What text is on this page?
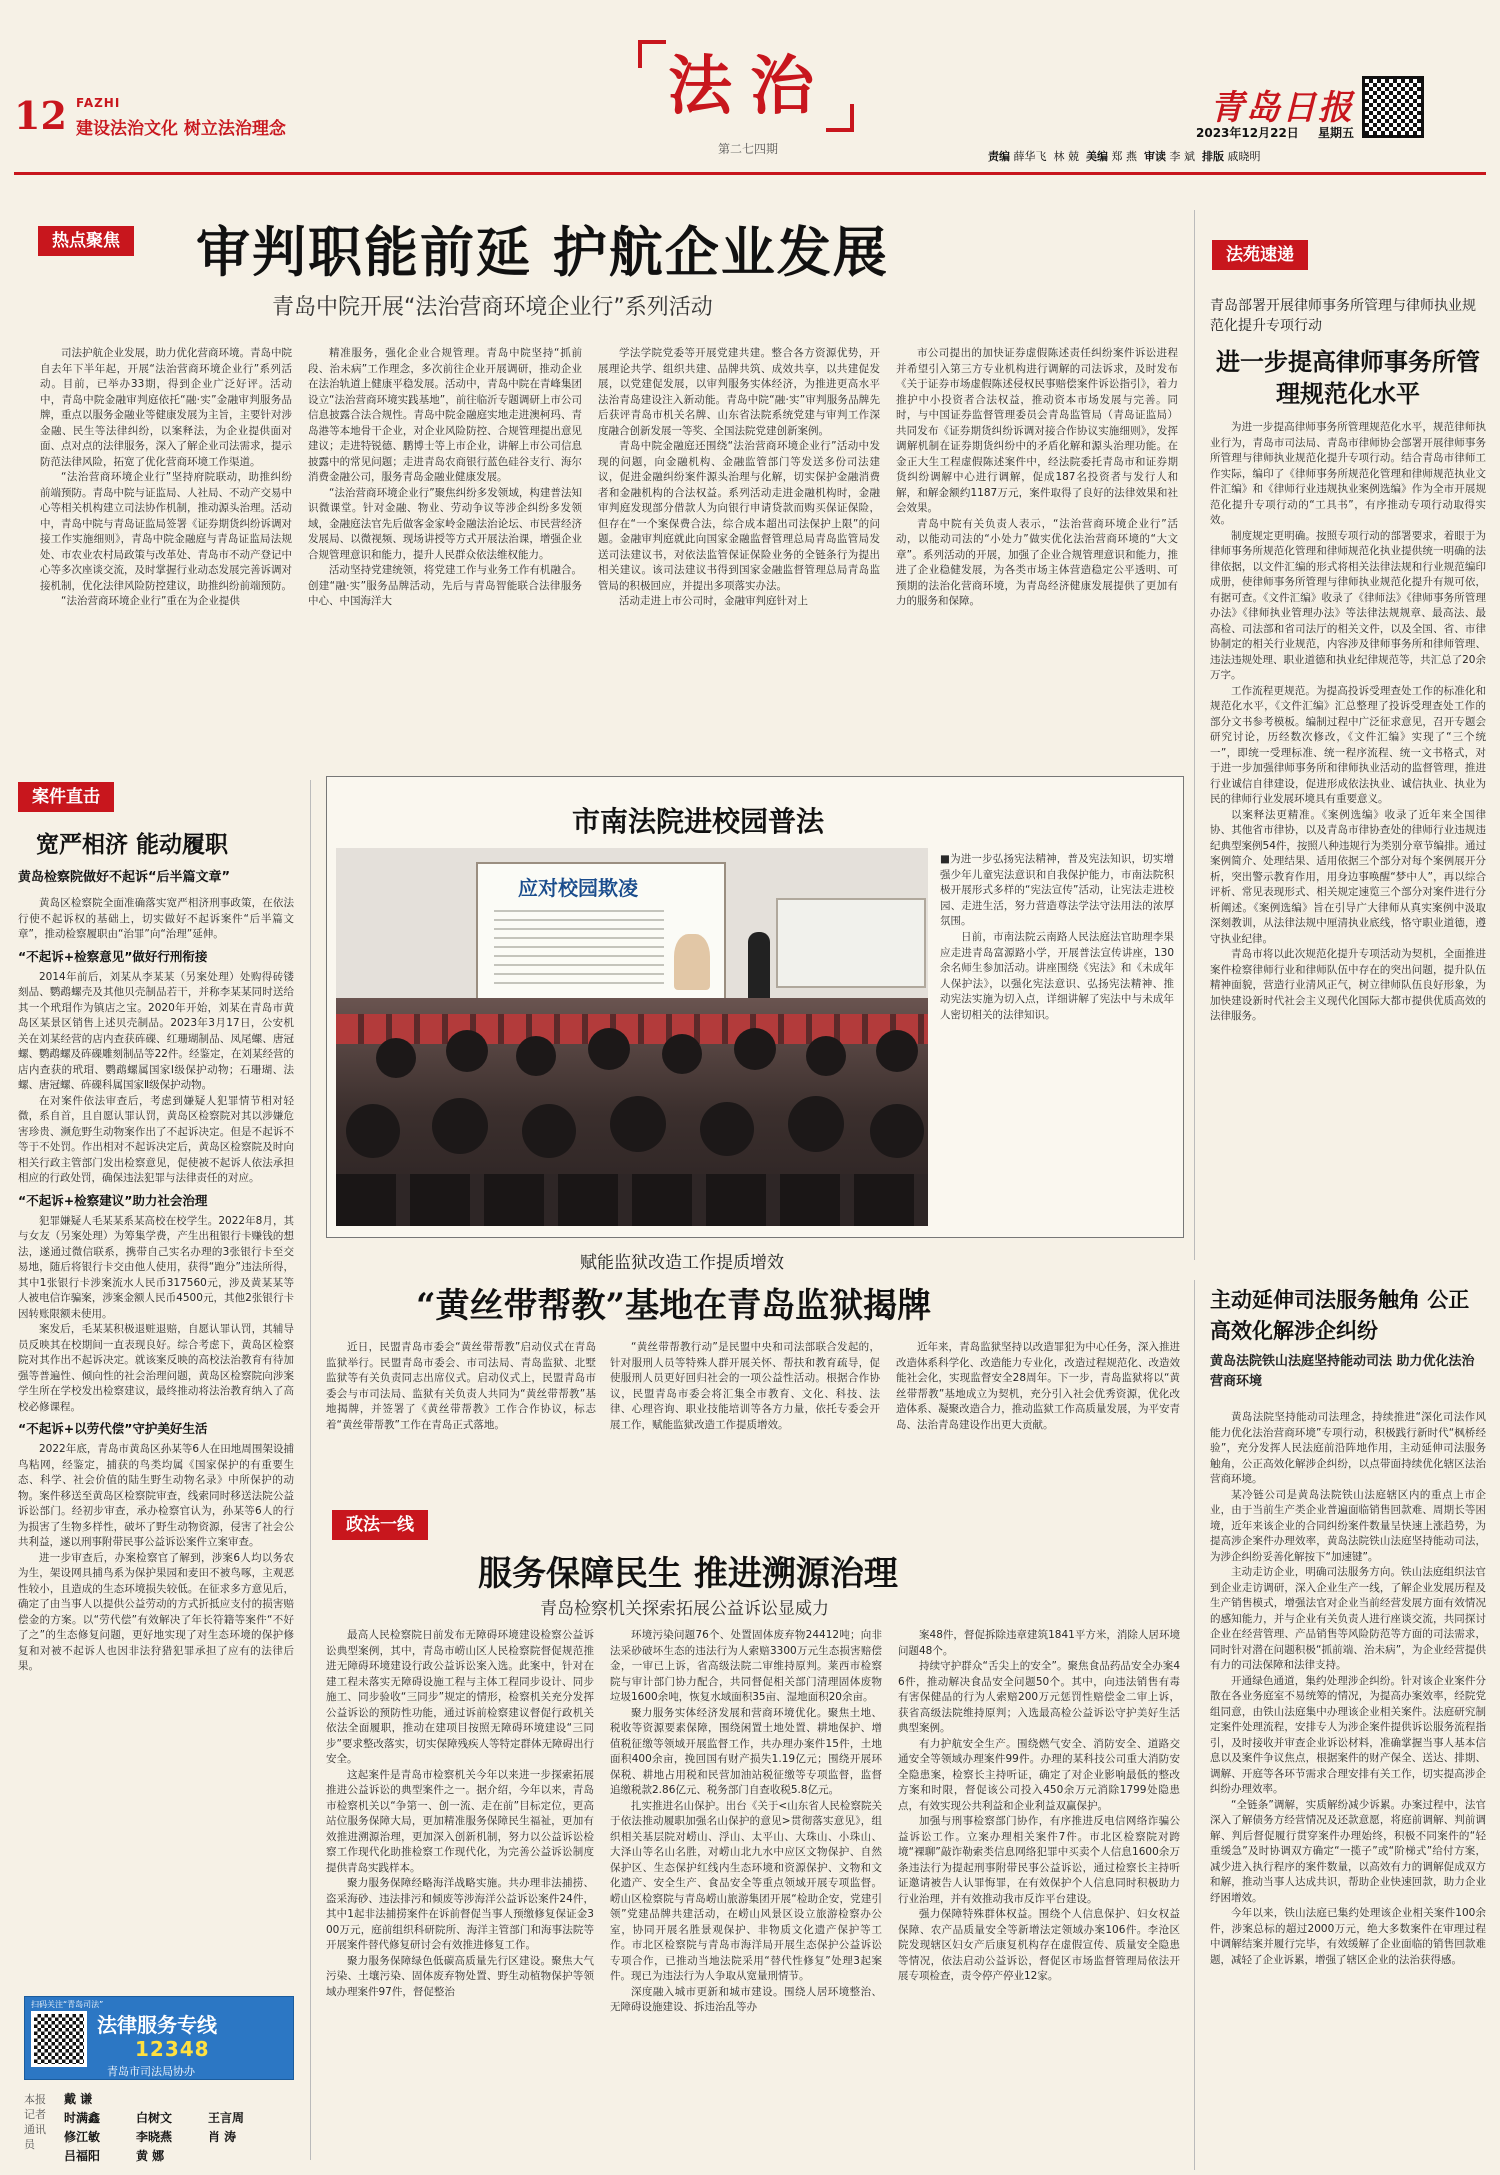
12 FAZHI
建设法治文化 树立法治理念
法治
第二七四期
青岛日报
2023年12月22日 星期五
责编 薛华飞 林 兢 美编 郑 燕 审读 李 斌 排版 戚晓明
热点聚焦 审判职能前延 护航企业发展
青岛中院开展“法治营商环境企业行”系列活动

司法护航企业发展，助力优化营商环境。青岛中院自去年下半年起，开展“法治营商环境企业行”系列活动。目前，已举办33期，得到企业广泛好评。活动中，青岛中院金融审判庭依托“融·实”金融审判服务品牌，重点以服务金融业等健康发展为主旨，主要针对涉金融、民生等法律纠纷，以案释法，为企业提供面对面、点对点的法律服务，深入了解企业司法需求，提示防范法律风险，拓宽了优化营商环境工作渠道。

“法治营商环境企业行”坚持府院联动，助推纠纷前端预防。青岛中院与证监局、人社局、不动产交易中心等相关机构建立司法协作机制，推动源头治理。活动中，青岛中院与青岛证监局签署《证券期货纠纷诉调对接工作实施细则》，青岛中院金融庭与青岛证监局法规处、市农业农村局政策与改革处、青岛市不动产登记中心等多次座谈交流，及时掌握行业动态发展完善诉调对接机制，优化法律风险防控建议，助推纠纷前端预防。

“法治营商环境企业行”重在为企业提供

精准服务，强化企业合规管理。青岛中院坚持“抓前段、治未病”工作理念，多次前往企业开展调研，推动企业在法治轨道上健康平稳发展。活动中，青岛中院在青峰集团设立“法治营商环境实践基地”，前往临沂专题调研上市公司信息披露合法合规性。青岛中院金融庭实地走进澳柯玛、青岛港等本地骨干企业，对企业风险防控、合规管理提出意见建议；走进特锐德、鹏博士等上市企业，讲解上市公司信息披露中的常见问题；走进青岛农商银行蓝色硅谷支行、海尔消费金融公司，服务青岛金融业健康发展。

“法治营商环境企业行”聚焦纠纷多发领域，构建普法知识微课堂。针对金融、物业、劳动争议等涉企纠纷多发领域，金融庭法官先后做客金家岭金融法治论坛、市民营经济发展局、以微视频、现场讲授等方式开展法治课，增强企业合规管理意识和能力，提升人民群众依法维权能力。

活动坚持党建统领，将党建工作与业务工作有机融合。创建“融·实”服务品牌活动，先后与青岛智能联合法律服务中心、中国海洋大

学法学院党委等开展党建共建。整合各方资源优势，开展理论共学、组织共建、品牌共筑、成效共享，以共建促发展，以党建促发展，以审判服务实体经济，为推进更高水平法治青岛建设注入新动能。青岛中院“融·实”审判服务品牌先后获评青岛市机关名牌、山东省法院系统党建与审判工作深度融合创新发展一等奖、全国法院党建创新案例。

青岛中院金融庭还围绕“法治营商环境企业行”活动中发现的问题，向金融机构、金融监管部门等发送多份司法建议，促进金融纠纷案件源头治理与化解，切实保护金融消费者和金融机构的合法权益。系列活动走进金融机构时，金融审判庭发现部分借款人为向银行申请贷款而购买保证保险，但存在“一个案保费合法，综合成本超出司法保护上限”的问题。金融审判庭就此向国家金融监督管理总局青岛监管局发送司法建议书，对依法监管保证保险业务的全链条行为提出相关建议。该司法建议书得到国家金融监督管理总局青岛监管局的积极回应，并提出多项落实办法。

活动走进上市公司时，金融审判庭针对上

市公司提出的加快证券虚假陈述责任纠纷案件诉讼进程并希望引入第三方专业机构进行调解的司法诉求，及时发布《关于证券市场虚假陈述侵权民事赔偿案件诉讼指引》，着力推护中小投资者合法权益，推动资本市场发展与完善。同时，与中国证券监督管理委员会青岛监管局（青岛证监局）共同发布《证券期货纠纷诉调对接合作协议实施细则》，发挥调解机制在证券期货纠纷中的矛盾化解和源头治理功能。在金正大生工程虚假陈述案件中，经法院委托青岛市和证券期货纠纷调解中心进行调解，促成187名投资者与发行人和解，和解金额约1187万元，案件取得了良好的法律效果和社会效果。

青岛中院有关负责人表示，“法治营商环境企业行”活动，以能动司法的“小处力”做实优化法治营商环境的“大文章”。系列活动的开展，加强了企业合规管理意识和能力，推进了企业稳健发展，为各类市场主体营造稳定公平透明、可预期的法治化营商环境，为青岛经济健康发展提供了更加有力的服务和保障。

法苑速递
青岛部署开展律师事务所管理与律师执业规范化提升专项行动
进一步提高律师事务所管理规范化水平

为进一步提高律师事务所管理规范化水平，规范律师执业行为，青岛市司法局、青岛市律师协会部署开展律师事务所管理与律师执业规范化提升专项行动。结合青岛市律师工作实际，编印了《律师事务所规范化管理和律师规范执业文件汇编》和《律师行业违规执业案例选编》作为全市开展规范化提升专项行动的“工具书”，有序推动专项行动取得实效。

制度规定更明确。按照专项行动的部署要求，着眼于为律师事务所规范化管理和律师规范化执业提供统一明确的法律依据，以文件汇编的形式将相关法律法规和行业规范编印成册，使律师事务所管理与律师执业规范化提升有规可依，有据可查。《文件汇编》收录了《律师法》《律师事务所管理办法》《律师执业管理办法》等法律法规规章、最高法、最高检、司法部和省司法厅的相关文件，以及全国、省、市律协制定的相关行业规范，内容涉及律师事务所和律师管理、违法违规处理、职业道德和执业纪律规范等，共汇总了20余万字。

工作流程更规范。为提高投诉受理查处工作的标准化和规范化水平，《文件汇编》汇总整理了投诉受理查处工作的部分文书参考模板。编制过程中广泛征求意见，召开专题会研究讨论，历经数次修改，《文件汇编》实现了“三个统一”，即统一受理标准、统一程序流程、统一文书格式，对于进一步加强律师事务所和律师执业活动的监督管理，推进行业诚信自律建设，促进形成依法执业、诚信执业、执业为民的律师行业发展环境具有重要意义。

以案释法更精准。《案例选编》收录了近年来全国律协、其他省市律协，以及青岛市律协查处的律师行业违规违纪典型案例54件，按照八种违规行为类别分章节编排。通过案例简介、处理结果、适用依据三个部分对每个案例展开分析，突出警示教育作用，用身边事唤醒“梦中人”，再以综合评析、常见表现形式、相关规定速览三个部分对案件进行分析阐述。《案例选编》旨在引导广大律师从真实案例中汲取深刻教训，从法律法规中厘清执业底线，恪守职业道德，遵守执业纪律。

青岛市将以此次规范化提升专项活动为契机，全面推进案件检察律师行业和律师队伍中存在的突出问题，提升队伍精神面貌，营造行业清风正气，树立律师队伍良好形象，为加快建设新时代社会主义现代化国际大都市提供优质高效的法律服务。

案件直击
宽严相济 能动履职
黄岛检察院做好不起诉“后半篇文章”

黄岛区检察院全面准确落实宽严相济刑事政策，在依法行使不起诉权的基础上，切实做好不起诉案件“后半篇文章”，推动检察履职由“治罪”向“治理”延伸。

“不起诉+检察意见”做好行刑衔接

2014年前后，刘某从李某某（另案处理）处购得砖镂刻品、鹦鹉螺壳及其他贝壳制品若干，并称李某某同时送给其一个玳瑁作为镇店之宝。2020年开始，刘某在青岛市黄岛区某景区销售上述贝壳制品。2023年3月17日，公安机关在刘某经营的店内查获砗磲、红珊瑚制品、凤尾螺、唐冠螺、鹦鹉螺及砗磲雕刻制品等22件。经鉴定，在刘某经营的店内查获的玳瑁、鹦鹉螺属国家Ⅰ级保护动物；石珊瑚、法螺、唐冠螺、砗磲科属国家Ⅱ级保护动物。

在对案件依法审查后，考虑到嫌疑人犯罪情节相对轻微，系自首，且自愿认罪认罚，黄岛区检察院对其以涉嫌危害珍贵、濒危野生动物案作出了不起诉决定。但是不起诉不等于不处罚。作出相对不起诉决定后，黄岛区检察院及时向相关行政主管部门发出检察意见，促使被不起诉人依法承担相应的行政处罚，确保违法犯罪与法律责任的对应。

“不起诉+检察建议”助力社会治理

犯罪嫌疑人毛某某系某高校在校学生。2022年8月，其与女友（另案处理）为筹集学费，产生出租银行卡赚钱的想法，遂通过微信联系，携带自己实名办理的3张银行卡至交易地，随后将银行卡交由他人使用，获得“跑分”违法所得，其中1张银行卡涉案流水人民币317560元，涉及黄某某等人被电信诈骗案，涉案金额人民币4500元，其他2张银行卡因转账限额未使用。

案发后，毛某某积极退赃退赔，自愿认罪认罚，其辅导员反映其在校期间一直表现良好。综合考虑下，黄岛区检察院对其作出不起诉决定。就该案反映的高校法治教育有待加强等普遍性、倾向性的社会治理问题，黄岛区检察院向涉案学生所在学校发出检察建议，最终推动将法治教育纳入了高校必修课程。

“不起诉+以劳代偿”守护美好生活

2022年底，青岛市黄岛区孙某等6人在田地周围架设捕鸟粘网，经鉴定，捕获的鸟类均属《国家保护的有重要生态、科学、社会价值的陆生野生动物名录》中所保护的动物。案件移送至黄岛区检察院审查，线索同时移送法院公益诉讼部门。经初步审查，承办检察官认为，孙某等6人的行为损害了生物多样性，破坏了野生动物资源，侵害了社会公共利益，遂以刑事附带民事公益诉讼案件立案审查。

进一步审查后，办案检察官了解到，涉案6人均以务农为生，架设网具捕鸟系为保护果园和麦田不被鸟啄，主观恶性较小，且造成的生态环境损失较低。在征求多方意见后，确定了由当事人以提供公益劳动的方式折抵应支付的损害赔偿金的方案。以“劳代偿”有效解决了年长符籍等案件“不好了之”的生态修复问题，更好地实现了对生态环境的保护修复和对被不起诉人也因非法狩猎犯罪承担了应有的法律后果。

扫码关注“青岛司法”
法律服务专线
12348
青岛市司法局协办
本报记者 通讯员
戴 谦
时满鑫	白树文	王言周
修江敏	李晓燕	肖 涛
吕福阳	黄 娜
市南法院进校园普法
应对校园欺凌

■为进一步弘扬宪法精神，普及宪法知识，切实增强少年儿童宪法意识和自我保护能力，市南法院积极开展形式多样的“宪法宣传”活动，让宪法走进校园、走进生活，努力营造尊法学法守法用法的浓厚氛围。

日前，市南法院云南路人民法庭法官助理李果应走进青岛富源路小学，开展普法宣传讲座，130余名师生参加活动。讲座围绕《宪法》和《未成年人保护法》，以强化宪法意识、弘扬宪法精神、推动宪法实施为切入点，详细讲解了宪法中与未成年人密切相关的法律知识。

赋能监狱改造工作提质增效
“黄丝带帮教”基地在青岛监狱揭牌

近日，民盟青岛市委会“黄丝带帮教”启动仪式在青岛监狱举行。民盟青岛市委会、市司法局、青岛监狱、北墅监狱等有关负责同志出席仪式。启动仪式上，民盟青岛市委会与市司法局、监狱有关负责人共同为“黄丝带帮教”基地揭牌，并签署了《黄丝带帮教》工作合作协议，标志着“黄丝带帮教”工作在青岛正式落地。

“黄丝带帮教行动”是民盟中央和司法部联合发起的，针对服刑人员等特殊人群开展关怀、帮扶和教育疏导，促使服刑人员更好回归社会的一项公益性活动。根据合作协议，民盟青岛市委会将汇集全市教育、文化、科技、法律、心理咨询、职业技能培训等各方力量，依托专委会开展工作，赋能监狱改造工作提质增效。

近年来，青岛监狱坚持以改造罪犯为中心任务，深入推进改造体系科学化、改造能力专业化，改造过程规范化、改造效能社会化，实现监督安全28周年。下一步，青岛监狱将以“黄丝带帮教”基地成立为契机，充分引入社会优秀资源，优化改造体系、凝聚改造合力，推动监狱工作高质量发展，为平安青岛、法治青岛建设作出更大贡献。

政法一线
服务保障民生 推进溯源治理
青岛检察机关探索拓展公益诉讼显威力

最高人民检察院日前发布无障碍环境建设检察公益诉讼典型案例，其中，青岛市崂山区人民检察院督促规范推进无障碍环境建设行政公益诉讼案入选。此案中，针对在建工程未落实无障碍设施工程与主体工程同步设计、同步施工、同步验收“三同步”规定的情形，检察机关充分发挥公益诉讼的预防性功能，通过诉前检察建议督促行政机关依法全面履职，推动在建项目按照无障碍环境建设“三同步”要求整改落实，切实保障残疾人等特定群体无障碍出行安全。

这起案件是青岛市检察机关今年以来进一步探索拓展推进公益诉讼的典型案件之一。据介绍，今年以来，青岛市检察机关以“争第一、创一流、走在前”目标定位，更高站位服务保障大局，更加精准服务保障民生福祉，更加有效推进溯源治理，更加深入创新机制，努力以公益诉讼检察工作现代化助推检察工作现代化，为完善公益诉讼制度提供青岛实践样本。

聚力服务保障经略海洋战略实施。共办理非法捕捞、盗采海砂、违法排污和倾废等涉海洋公益诉讼案件24件，其中1起非法捕捞案件在诉前督促当事人预缴修复保证金300万元，庭前组织科研院所、海洋主管部门和海事法院等开展案件替代修复研讨会有效推进修复工作。

聚力服务保障绿色低碳高质量先行区建设。聚焦大气污染、土壤污染、固体废弃物处置、野生动植物保护等领域办理案件97件，督促整治

环境污染问题76个、处置固体废弃物24412吨；向非法采砂破坏生态的违法行为人索赔3300万元生态损害赔偿金，一审已上诉，省高级法院二审维持原判。莱西市检察院与审计部门协力配合，共同督促相关部门清理固体废物垃圾1600余吨，恢复水域面积35亩、湿地面积20余亩。

聚力服务实体经济发展和营商环境优化。聚焦土地、税收等资源要素保障，围绕闲置土地处置、耕地保护、增值税征缴等领域开展监督工作，共办理办案件15件，土地面积400余亩，挽回国有财产损失1.19亿元；围绕开展环保税、耕地占用税和民营加油站税征缴等专项监督，监督追缴税款2.86亿元、税务部门自查收税5.8亿元。

扎实推进名山保护。出台《关于<山东省人民检察院关于依法推动履职加强名山保护的意见>贯彻落实意见》，组织相关基层院对崂山、浮山、太平山、大珠山、小珠山、大泽山等名山名胜，对崂山北九水中应区文物保护、自然保护区、生态保护红线内生态环境和资源保护、文物和文化遗产、安全生产、食品安全等重点领域开展专项监督。崂山区检察院与青岛崂山旅游集团开展“检助企安，党建引领”党建品牌共建活动，在崂山风景区设立旅游检察办公室，协同开展名胜景观保护、非物质文化遗产保护等工作。市北区检察院与青岛市海洋局开展生态保护公益诉讼专项合作，已推动当地法院采用“替代性修复”处理3起案件。现已为违法行为人争取从宽量刑情节。

深度融入城市更新和城市建设。围绕人居环境整治、无障碍设施建设、拆违治乱等办

案48件，督促拆除违章建筑1841平方米，消除人居环境问题48个。

持续守护群众“舌尖上的安全”。聚焦食品药品安全办案46件，推动解决食品安全问题50个。其中，向违法销售有毒有害保健品的行为人索赔200万元惩罚性赔偿金二审上诉，获省高级法院维持原判；入选最高检公益诉讼守护美好生活典型案例。

有力护航安全生产。围绕燃气安全、消防安全、道路交通安全等领域办理案件99件。办理的某科技公司重大消防安全隐患案，检察长主持听证，确定了对企业影响最低的整改方案和时限，督促该公司投入450余万元消除1799处隐患点，有效实现公共利益和企业利益双赢保护。

加强与刑事检察部门协作，有序推进反电信网络诈骗公益诉讼工作。立案办理相关案件7件。市北区检察院对跨境“裸聊”敲诈勒索类信息网络犯罪中买卖个人信息1600余万条违法行为提起刑事附带民事公益诉讼，通过检察长主持听证邀请被告人认罪悔罪，在有效保护个人信息同时积极助力行业治理，并有效推动我市反诈平台建设。

强力保障特殊群体权益。围绕个人信息保护、妇女权益保障、农产品质量安全等新增法定领域办案106件。李沧区院发现辖区妇女产后康复机构存在虚假宣传、质量安全隐患等情况，依法启动公益诉讼，督促区市场监督管理局依法开展专项检查，责令停产停业12家。

主动延伸司法服务触角 公正高效化解涉企纠纷
黄岛法院铁山法庭坚持能动司法 助力优化法治营商环境

黄岛法院坚持能动司法理念，持续推进“深化司法作风能力优化法治营商环境”专项行动，积极践行新时代“枫桥经验”，充分发挥人民法庭前沿阵地作用，主动延伸司法服务触角，公正高效化解涉企纠纷，以点带面持续优化辖区法治营商环境。

某冷链公司是黄岛法院铁山法庭辖区内的重点上市企业，由于当前生产类企业普遍面临销售回款难、周期长等困境，近年来该企业的合同纠纷案件数量呈快速上涨趋势，为提高涉企案件办理效率，黄岛法院铁山法庭坚持能动司法，为涉企纠纷妥善化解按下“加速键”。

主动走访企业，明确司法服务方向。铁山法庭组织法官到企业走访调研，深入企业生产一线，了解企业发展历程及生产销售模式，增强法官对企业当前经营发展方面有效情况的感知能力，并与企业有关负责人进行座谈交流，共同探讨企业在经营管理、产品销售等风险防范等方面的司法需求，同时针对潜在问题积极“抓前端、治未病”，为企业经营提供有力的司法保障和法律支持。

开通绿色通道，集约处理涉企纠纷。针对该企业案件分散在各业务庭室不易统筹的情况，为提高办案效率，经院党组同意，由铁山法庭集中办理该企业相关案件。法庭研究制定案件处理流程，安排专人为涉企案件提供诉讼服务流程指引，及时接收并审查企业诉讼材料，准确掌握当事人基本信息以及案件争议焦点，根据案件的财产保全、送达、排期、调解、开庭等各环节需求合理安排有关工作，切实提高涉企纠纷办理效率。

“全链条”调解，实质解纷减少诉累。办案过程中，法官深入了解债务方经营情况及还款意愿，将庭前调解、判前调解、判后督促履行贯穿案件办理始终，积极不同案件的“轻重缓急”及时协调双方确定“一揽子”或“阶梯式”给付方案，减少进入执行程序的案件数量，以高效有力的调解促成双方和解，推动当事人达成共识，帮助企业快速回款，助力企业纾困增效。

今年以来，铁山法庭已集约处理该企业相关案件100余件，涉案总标的超过2000万元，绝大多数案件在审理过程中调解结案并履行完毕，有效缓解了企业面临的销售回款难题，减轻了企业诉累，增强了辖区企业的法治获得感。
